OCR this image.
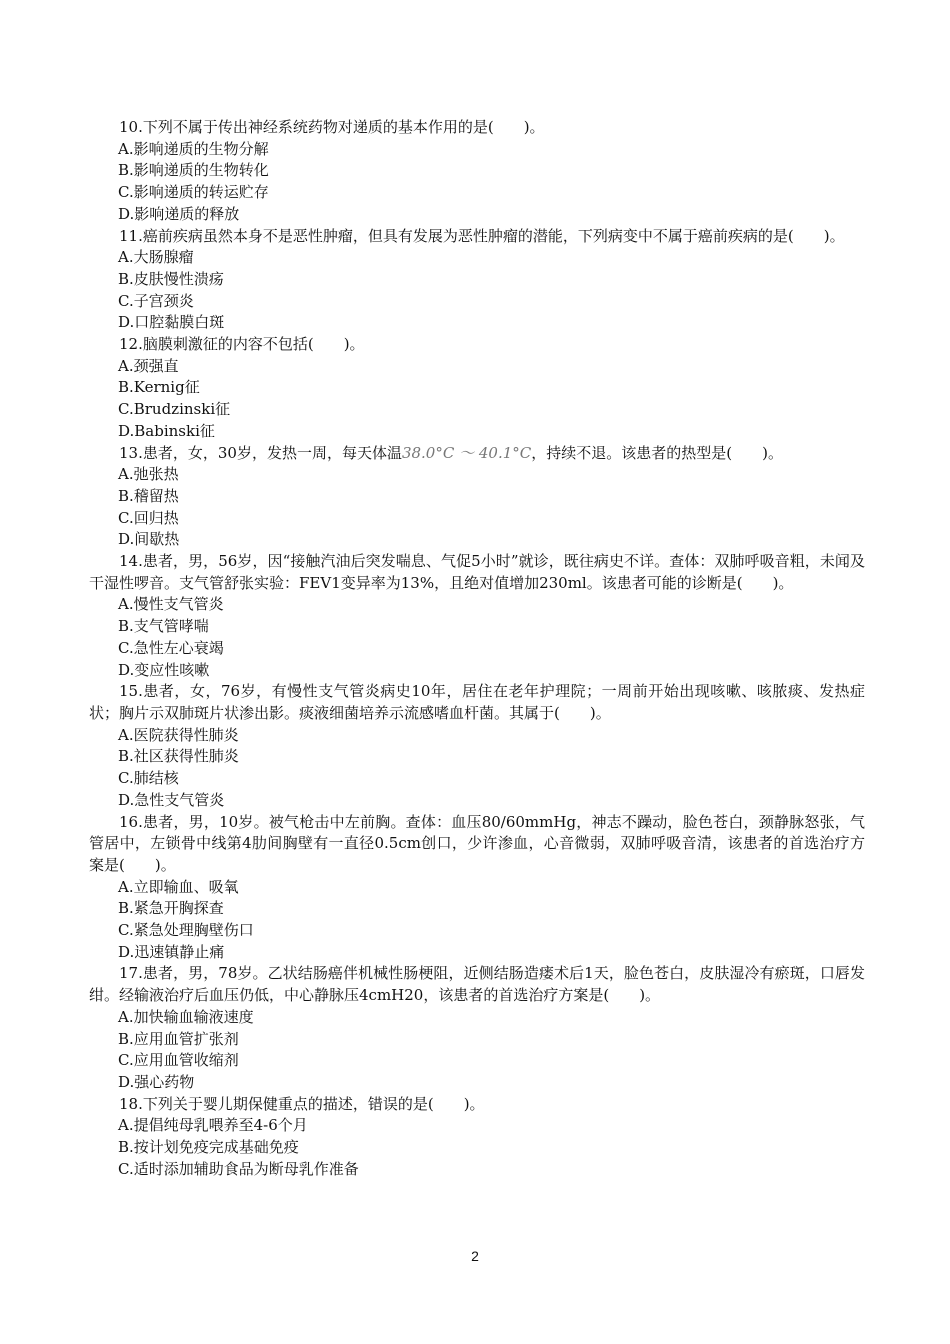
10.下列不属于传出神经系统药物对递质的基本作用的是(　　)。

A.影响递质的生物分解
B.影响递质的生物转化
C.影响递质的转运贮存
D.影响递质的释放

11.癌前疾病虽然本身不是恶性肿瘤，但具有发展为恶性肿瘤的潜能，下列病变中不属于癌前疾病的是(　　)。

A.大肠腺瘤
B.皮肤慢性溃疡
C.子宫颈炎
D.口腔黏膜白斑

12.脑膜刺激征的内容不包括(　　)。

A.颈强直
B.Kernig征
C.Brudzinski征
D.Babinski征

13.患者，女，30岁，发热一周，每天体温38.0°C ～ 40.1°C，持续不退。该患者的热型是(　　)。

A.弛张热
B.稽留热
C.回归热
D.间歇热

14.患者，男，56岁，因“接触汽油后突发喘息、气促5小时”就诊，既往病史不详。查体：双肺呼吸音粗，未闻及干湿性啰音。支气管舒张实验：FEV1变异率为13%，且绝对值增加230ml。该患者可能的诊断是(　　)。

A.慢性支气管炎
B.支气管哮喘
C.急性左心衰竭
D.变应性咳嗽

15.患者，女，76岁，有慢性支气管炎病史10年，居住在老年护理院；一周前开始出现咳嗽、咳脓痰、发热症状；胸片示双肺斑片状渗出影。痰液细菌培养示流感嗜血杆菌。其属于(　　)。

A.医院获得性肺炎
B.社区获得性肺炎
C.肺结核
D.急性支气管炎

16.患者，男，10岁。被气枪击中左前胸。查体：血压80/60mmHg，神志不躁动，脸色苍白，颈静脉怒张，气管居中，左锁骨中线第4肋间胸壁有一直径0.5cm创口，少许渗血，心音微弱，双肺呼吸音清，该患者的首选治疗方案是(　　)。

A.立即输血、吸氧
B.紧急开胸探查
C.紧急处理胸壁伤口
D.迅速镇静止痛

17.患者，男，78岁。乙状结肠癌伴机械性肠梗阻，近侧结肠造瘘术后1天，脸色苍白，皮肤湿冷有瘀斑，口唇发绀。经输液治疗后血压仍低，中心静脉压4cmH20，该患者的首选治疗方案是(　　)。

A.加快输血输液速度
B.应用血管扩张剂
C.应用血管收缩剂
D.强心药物

18.下列关于婴儿期保健重点的描述，错误的是(　　)。

A.提倡纯母乳喂养至4-6个月
B.按计划免疫完成基础免疫
C.适时添加辅助食品为断母乳作准备
2
